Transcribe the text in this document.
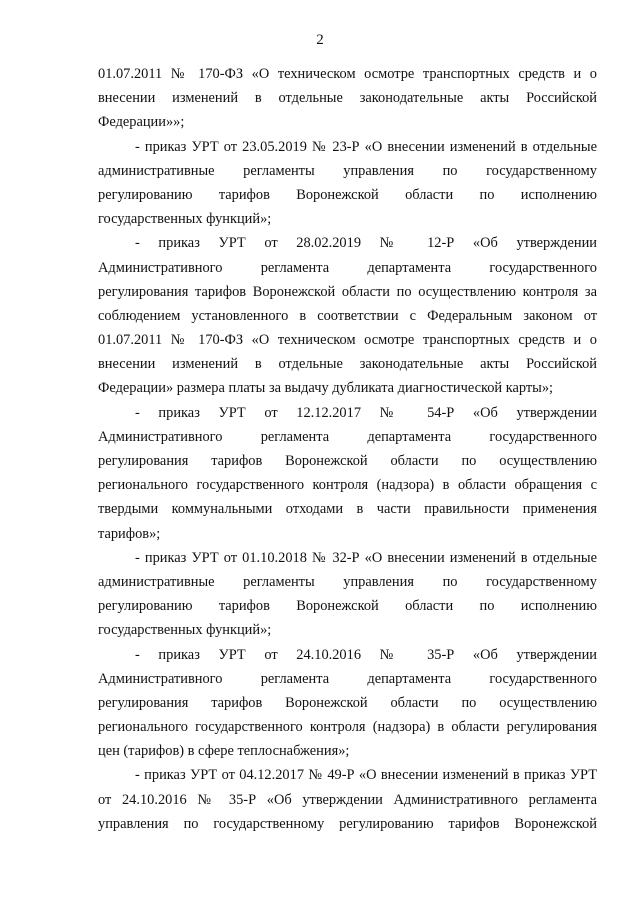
2
01.07.2011 № 170-ФЗ «О техническом осмотре транспортных средств и о
внесении изменений в отдельные законодательные акты Российской
Федерации»»;
- приказ УРТ от 23.05.2019 № 23-Р «О внесении изменений в отдельные
административные регламенты управления по государственному
регулированию тарифов Воронежской области по исполнению
государственных функций»;
- приказ УРТ от 28.02.2019 № 12-Р «Об утверждении
Административного регламента департамента государственного
регулирования тарифов Воронежской области по осуществлению контроля за
соблюдением установленного в соответствии с Федеральным законом от
01.07.2011 № 170-ФЗ «О техническом осмотре транспортных средств и о
внесении изменений в отдельные законодательные акты Российской
Федерации» размера платы за выдачу дубликата диагностической карты»;
- приказ УРТ от 12.12.2017 № 54-Р «Об утверждении
Административного регламента департамента государственного
регулирования тарифов Воронежской области по осуществлению
регионального государственного контроля (надзора) в области обращения с
твердыми коммунальными отходами в части правильности применения
тарифов»;
- приказ УРТ от 01.10.2018 № 32-Р «О внесении изменений в отдельные
административные регламенты управления по государственному
регулированию тарифов Воронежской области по исполнению
государственных функций»;
- приказ УРТ от 24.10.2016 № 35-Р «Об утверждении
Административного регламента департамента государственного
регулирования тарифов Воронежской области по осуществлению
регионального государственного контроля (надзора) в области регулирования
цен (тарифов) в сфере теплоснабжения»;
- приказ УРТ от 04.12.2017 № 49-Р «О внесении изменений в приказ УРТ
от 24.10.2016 № 35-Р «Об утверждении Административного регламента
управления по государственному регулированию тарифов Воронежской
